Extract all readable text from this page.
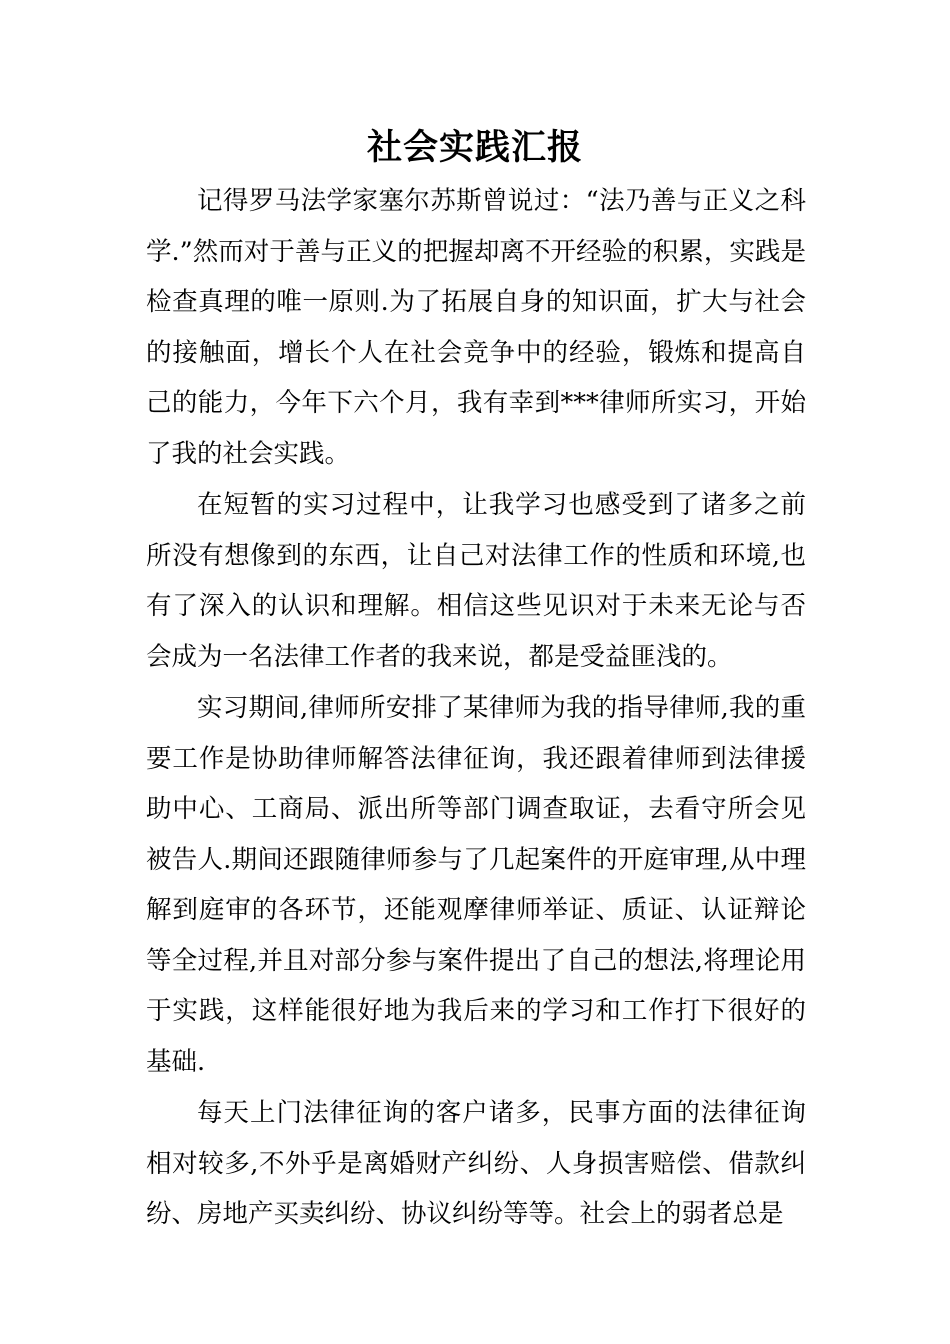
社会实践汇报

记得罗马法学家塞尔苏斯曾说过：“法乃善与正义之科学.”然而对于善与正义的把握却离不开经验的积累，实践是检查真理的唯一原则.为了拓展自身的知识面，扩大与社会的接触面，增长个人在社会竞争中的经验，锻炼和提高自己的能力，今年下六个月，我有幸到***律师所实习，开始了我的社会实践。

在短暂的实习过程中，让我学习也感受到了诸多之前所没有想像到的东西，让自己对法律工作的性质和环境,也有了深入的认识和理解。相信这些见识对于未来无论与否会成为一名法律工作者的我来说，都是受益匪浅的。

实习期间,律师所安排了某律师为我的指导律师,我的重要工作是协助律师解答法律征询，我还跟着律师到法律援助中心、工商局、派出所等部门调查取证，去看守所会见被告人.期间还跟随律师参与了几起案件的开庭审理,从中理解到庭审的各环节，还能观摩律师举证、质证、认证辩论等全过程,并且对部分参与案件提出了自己的想法,将理论用于实践，这样能很好地为我后来的学习和工作打下很好的基础.

每天上门法律征询的客户诸多，民事方面的法律征询相对较多,不外乎是离婚财产纠纷、人身损害赔偿、借款纠纷、房地产买卖纠纷、协议纠纷等等。社会上的弱者总是
